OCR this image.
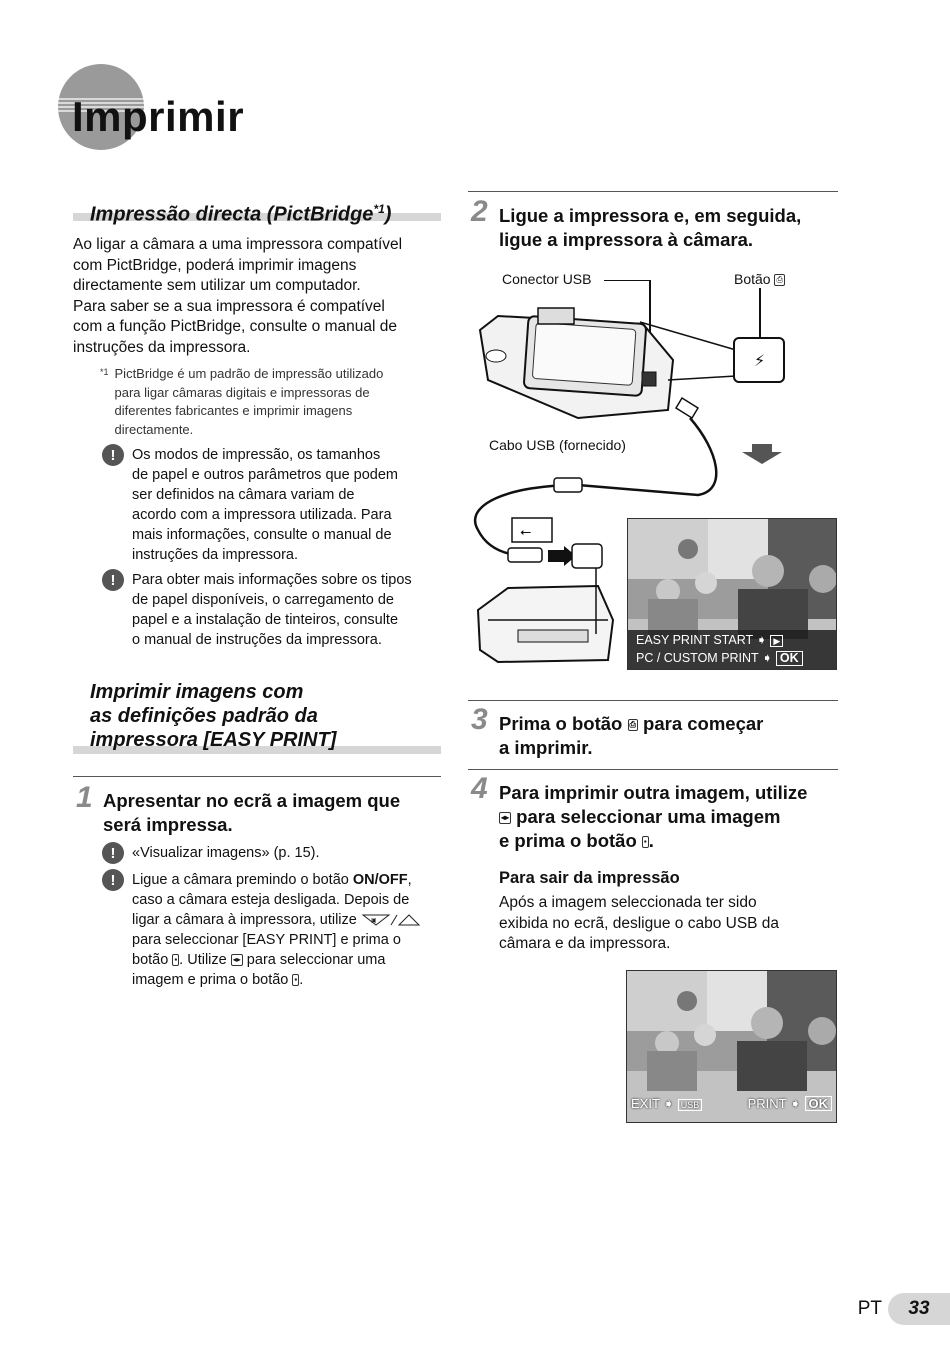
Imprimir
Impressão directa (PictBridge$^{*1}$)
Ao ligar a câmara a uma impressora compatível
com PictBridge, poderá imprimir imagens
directamente sem utilizar um computador.
Para saber se a sua impressora é compatível
com a função PictBridge, consulte o manual de
instruções da impressora.
*1 PictBridge é um padrão de impressão utilizado
para ligar câmaras digitais e impressoras de
diferentes fabricantes e imprimir imagens
directamente.
!	Os modos de impressão, os tamanhos
de papel e outros parâmetros que podem
ser definidos na câmara variam de
acordo com a impressora utilizada. Para
mais informações, consulte o manual de
instruções da impressora.
!	Para obter mais informações sobre os tipos
de papel disponíveis, o carregamento de
papel e a instalação de tinteiros, consulte
o manual de instruções da impressora.
Imprimir imagens com
as definições padrão da
impressora [EASY PRINT]
1 Apresentar no ecrã a imagem que
será impressa.
!	«Visualizar imagens» (p. 15).
!	Ligue a câmara premindo o botão ON/OFF,
caso a câmara esteja desligada. Depois de
ligar a câmara à impressora, utilize ▣
para seleccionar [EASY PRINT] e prima o
botão ▪ . Utilize ◂▸ para seleccionar uma
imagem e prima o botão ▪ .
2 Ligue a impressora e, em seguida,
ligue a impressora à câmara.
Conector USB	Botão ⎙
Cabo USB (fornecido)
⚡
⭠
EASY PRINT START ➧ ▶
PC / CUSTOM PRINT ➧ OK
3 Prima o botão ⎙ para começar
a imprimir.
4 Para imprimir outra imagem, utilize
◂▸ para seleccionar uma imagem
e prima o botão ▪ .
Para sair da impressão
Após a imagem seleccionada ter sido
exibida no ecrã, desligue o cabo USB da
câmara e da impressora.
EXIT ➧ USB	PRINT ➧ OK
PT	33
